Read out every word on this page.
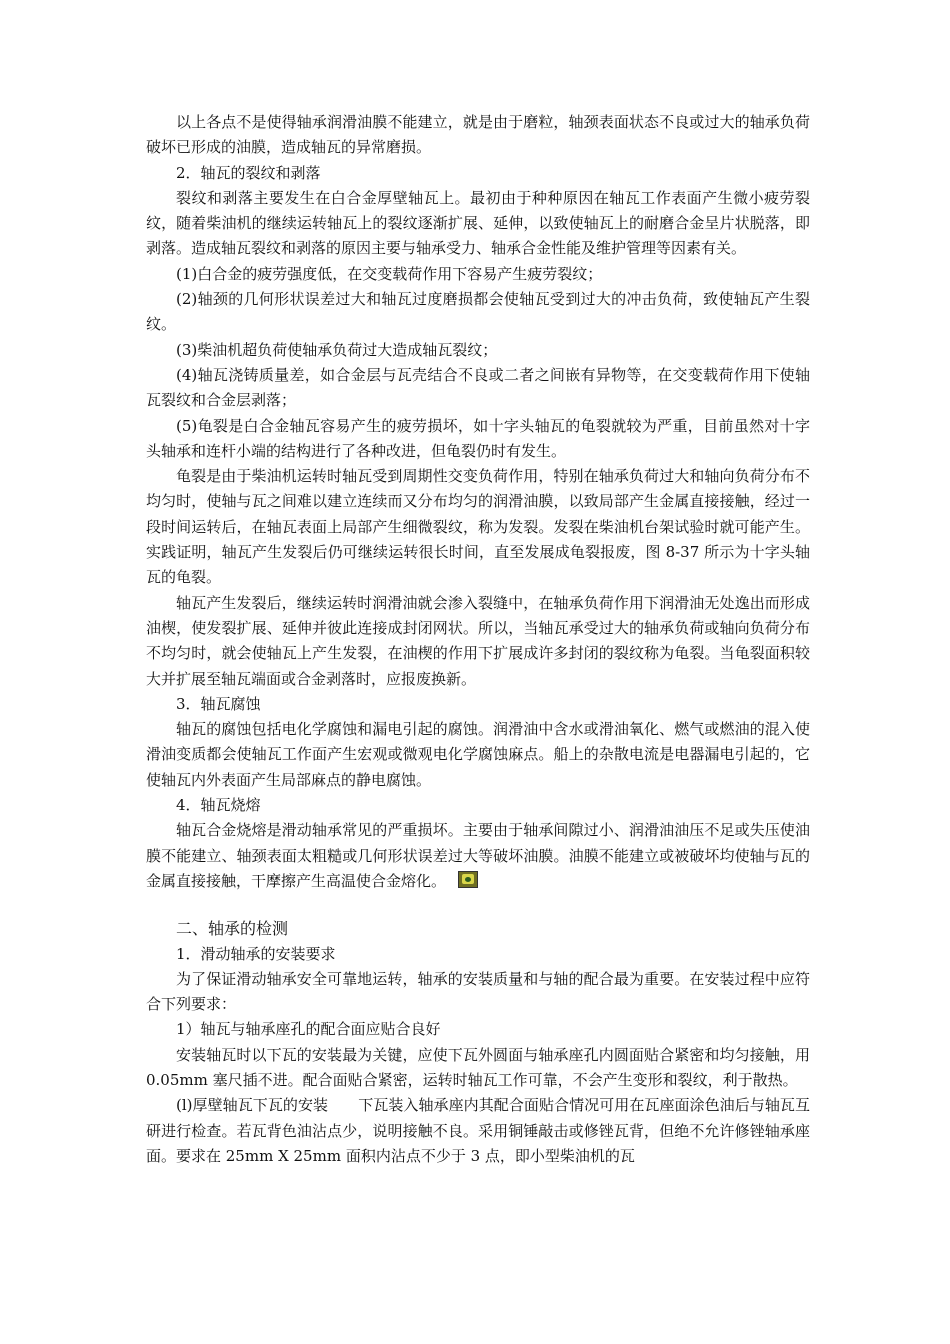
以上各点不是使得轴承润滑油膜不能建立，就是由于磨粒，轴颈表面状态不良或过大的轴承负荷破坏已形成的油膜，造成轴瓦的异常磨损。

2．轴瓦的裂纹和剥落

裂纹和剥落主要发生在白合金厚壁轴瓦上。最初由于种种原因在轴瓦工作表面产生微小疲劳裂纹，随着柴油机的继续运转轴瓦上的裂纹逐渐扩展、延伸，以致使轴瓦上的耐磨合金呈片状脱落，即剥落。造成轴瓦裂纹和剥落的原因主要与轴承受力、轴承合金性能及维护管理等因素有关。

(1)白合金的疲劳强度低，在交变载荷作用下容易产生疲劳裂纹；

(2)轴颈的几何形状误差过大和轴瓦过度磨损都会使轴瓦受到过大的冲击负荷，致使轴瓦产生裂纹。

(3)柴油机超负荷使轴承负荷过大造成轴瓦裂纹；

(4)轴瓦浇铸质量差，如合金层与瓦壳结合不良或二者之间嵌有异物等，在交变载荷作用下使轴瓦裂纹和合金层剥落；

(5)龟裂是白合金轴瓦容易产生的疲劳损坏，如十字头轴瓦的龟裂就较为严重，目前虽然对十字头轴承和连杆小端的结构进行了各种改进，但龟裂仍时有发生。

龟裂是由于柴油机运转时轴瓦受到周期性交变负荷作用，特别在轴承负荷过大和轴向负荷分布不均匀时，使轴与瓦之间难以建立连续而又分布均匀的润滑油膜，以致局部产生金属直接接触，经过一段时间运转后，在轴瓦表面上局部产生细微裂纹，称为发裂。发裂在柴油机台架试验时就可能产生。实践证明，轴瓦产生发裂后仍可继续运转很长时间，直至发展成龟裂报废，图 8-37 所示为十字头轴瓦的龟裂。

轴瓦产生发裂后，继续运转时润滑油就会渗入裂缝中，在轴承负荷作用下润滑油无处逸出而形成油楔，使发裂扩展、延伸并彼此连接成封闭网状。所以，当轴瓦承受过大的轴承负荷或轴向负荷分布不均匀时，就会使轴瓦上产生发裂，在油楔的作用下扩展成许多封闭的裂纹称为龟裂。当龟裂面积较大并扩展至轴瓦端面或合金剥落时，应报废换新。

3．轴瓦腐蚀

轴瓦的腐蚀包括电化学腐蚀和漏电引起的腐蚀。润滑油中含水或滑油氧化、燃气或燃油的混入使滑油变质都会使轴瓦工作面产生宏观或微观电化学腐蚀麻点。船上的杂散电流是电器漏电引起的，它使轴瓦内外表面产生局部麻点的静电腐蚀。

4．轴瓦烧熔

轴瓦合金烧熔是滑动轴承常见的严重损坏。主要由于轴承间隙过小、润滑油油压不足或失压使油膜不能建立、轴颈表面太粗糙或几何形状误差过大等破坏油膜。油膜不能建立或被破坏均使轴与瓦的金属直接接触，干摩擦产生高温使合金熔化。

二、轴承的检测

1．滑动轴承的安装要求

为了保证滑动轴承安全可靠地运转，轴承的安装质量和与轴的配合最为重要。在安装过程中应符合下列要求：

1）轴瓦与轴承座孔的配合面应贴合良好

安装轴瓦时以下瓦的安装最为关键，应使下瓦外圆面与轴承座孔内圆面贴合紧密和均匀接触，用 0.05mm 塞尺插不进。配合面贴合紧密，运转时轴瓦工作可靠，不会产生变形和裂纹，利于散热。

(l)厚壁轴瓦下瓦的安装　　下瓦装入轴承座内其配合面贴合情况可用在瓦座面涂色油后与轴瓦互研进行检查。若瓦背色油沾点少，说明接触不良。采用铜锤敲击或修锉瓦背，但绝不允许修锉轴承座面。要求在 25mm X 25mm 面积内沾点不少于 3 点，即小型柴油机的瓦
